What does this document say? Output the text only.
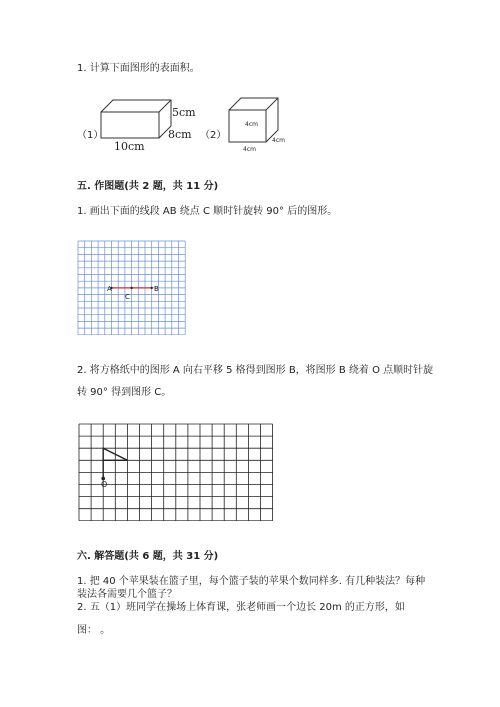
1. 计算下面图形的表面积。
（1）
5cm
8cm
10cm
（2）
4cm
4cm
4cm
五. 作图题(共 2 题，共 11 分)
1. 画出下面的线段 AB 绕点 C 顺时针旋转 90° 后的图形。
A	B
C
2. 将方格纸中的图形 A 向右平移 5 格得到图形 B，将图形 B 绕着 O 点顺时针旋
转 90° 得到图形 C。
O
六. 解答题(共 6 题，共 31 分)
1. 把 40 个苹果装在篮子里，每个篮子装的苹果个数同样多. 有几种装法？每种
装法各需要几个篮子？
2. 五（1）班同学在操场上体育课，张老师画一个边长 20m 的正方形，如
图： 。
